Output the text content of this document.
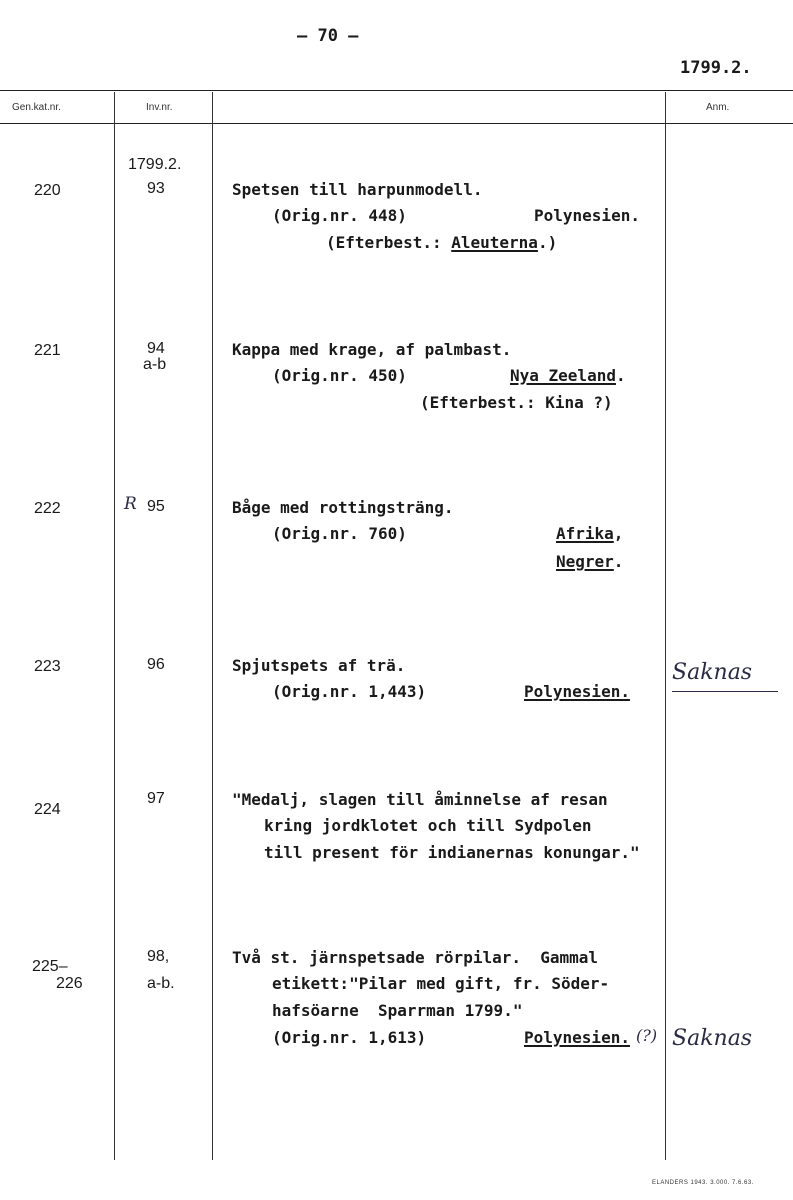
— 70 —
1799.2.
Gen.kat.nr.	Inv.nr.	Anm.
1799.2.
220	93	Spetsen till harpunmodell.
(Orig.nr. 448)	Polynesien.
(Efterbest.: Aleuterna.)
221	94
a-b
Kappa med krage, af palmbast.
(Orig.nr. 450)	Nya Zeeland.
(Efterbest.: Kina ?)
222	R 95	Båge med rottingsträng.
(Orig.nr. 760)	Afrika,
Negrer.
223	96	Spjutspets af trä.
(Orig.nr. 1,443)	Polynesien.
Saknas
224
97	"Medalj, slagen till åminnelse af resan
kring jordklotet och till Sydpolen
till present för indianernas konungar."
225–
226
98,
a-b.
Två st. järnspetsade rörpilar.  Gammal
etikett:"Pilar med gift, fr. Söder-
hafsöarne  Sparrman 1799."
(Orig.nr. 1,613)	Polynesien. (?) Saknas
ELANDERS 1943. 3.000. 7.6.63.
